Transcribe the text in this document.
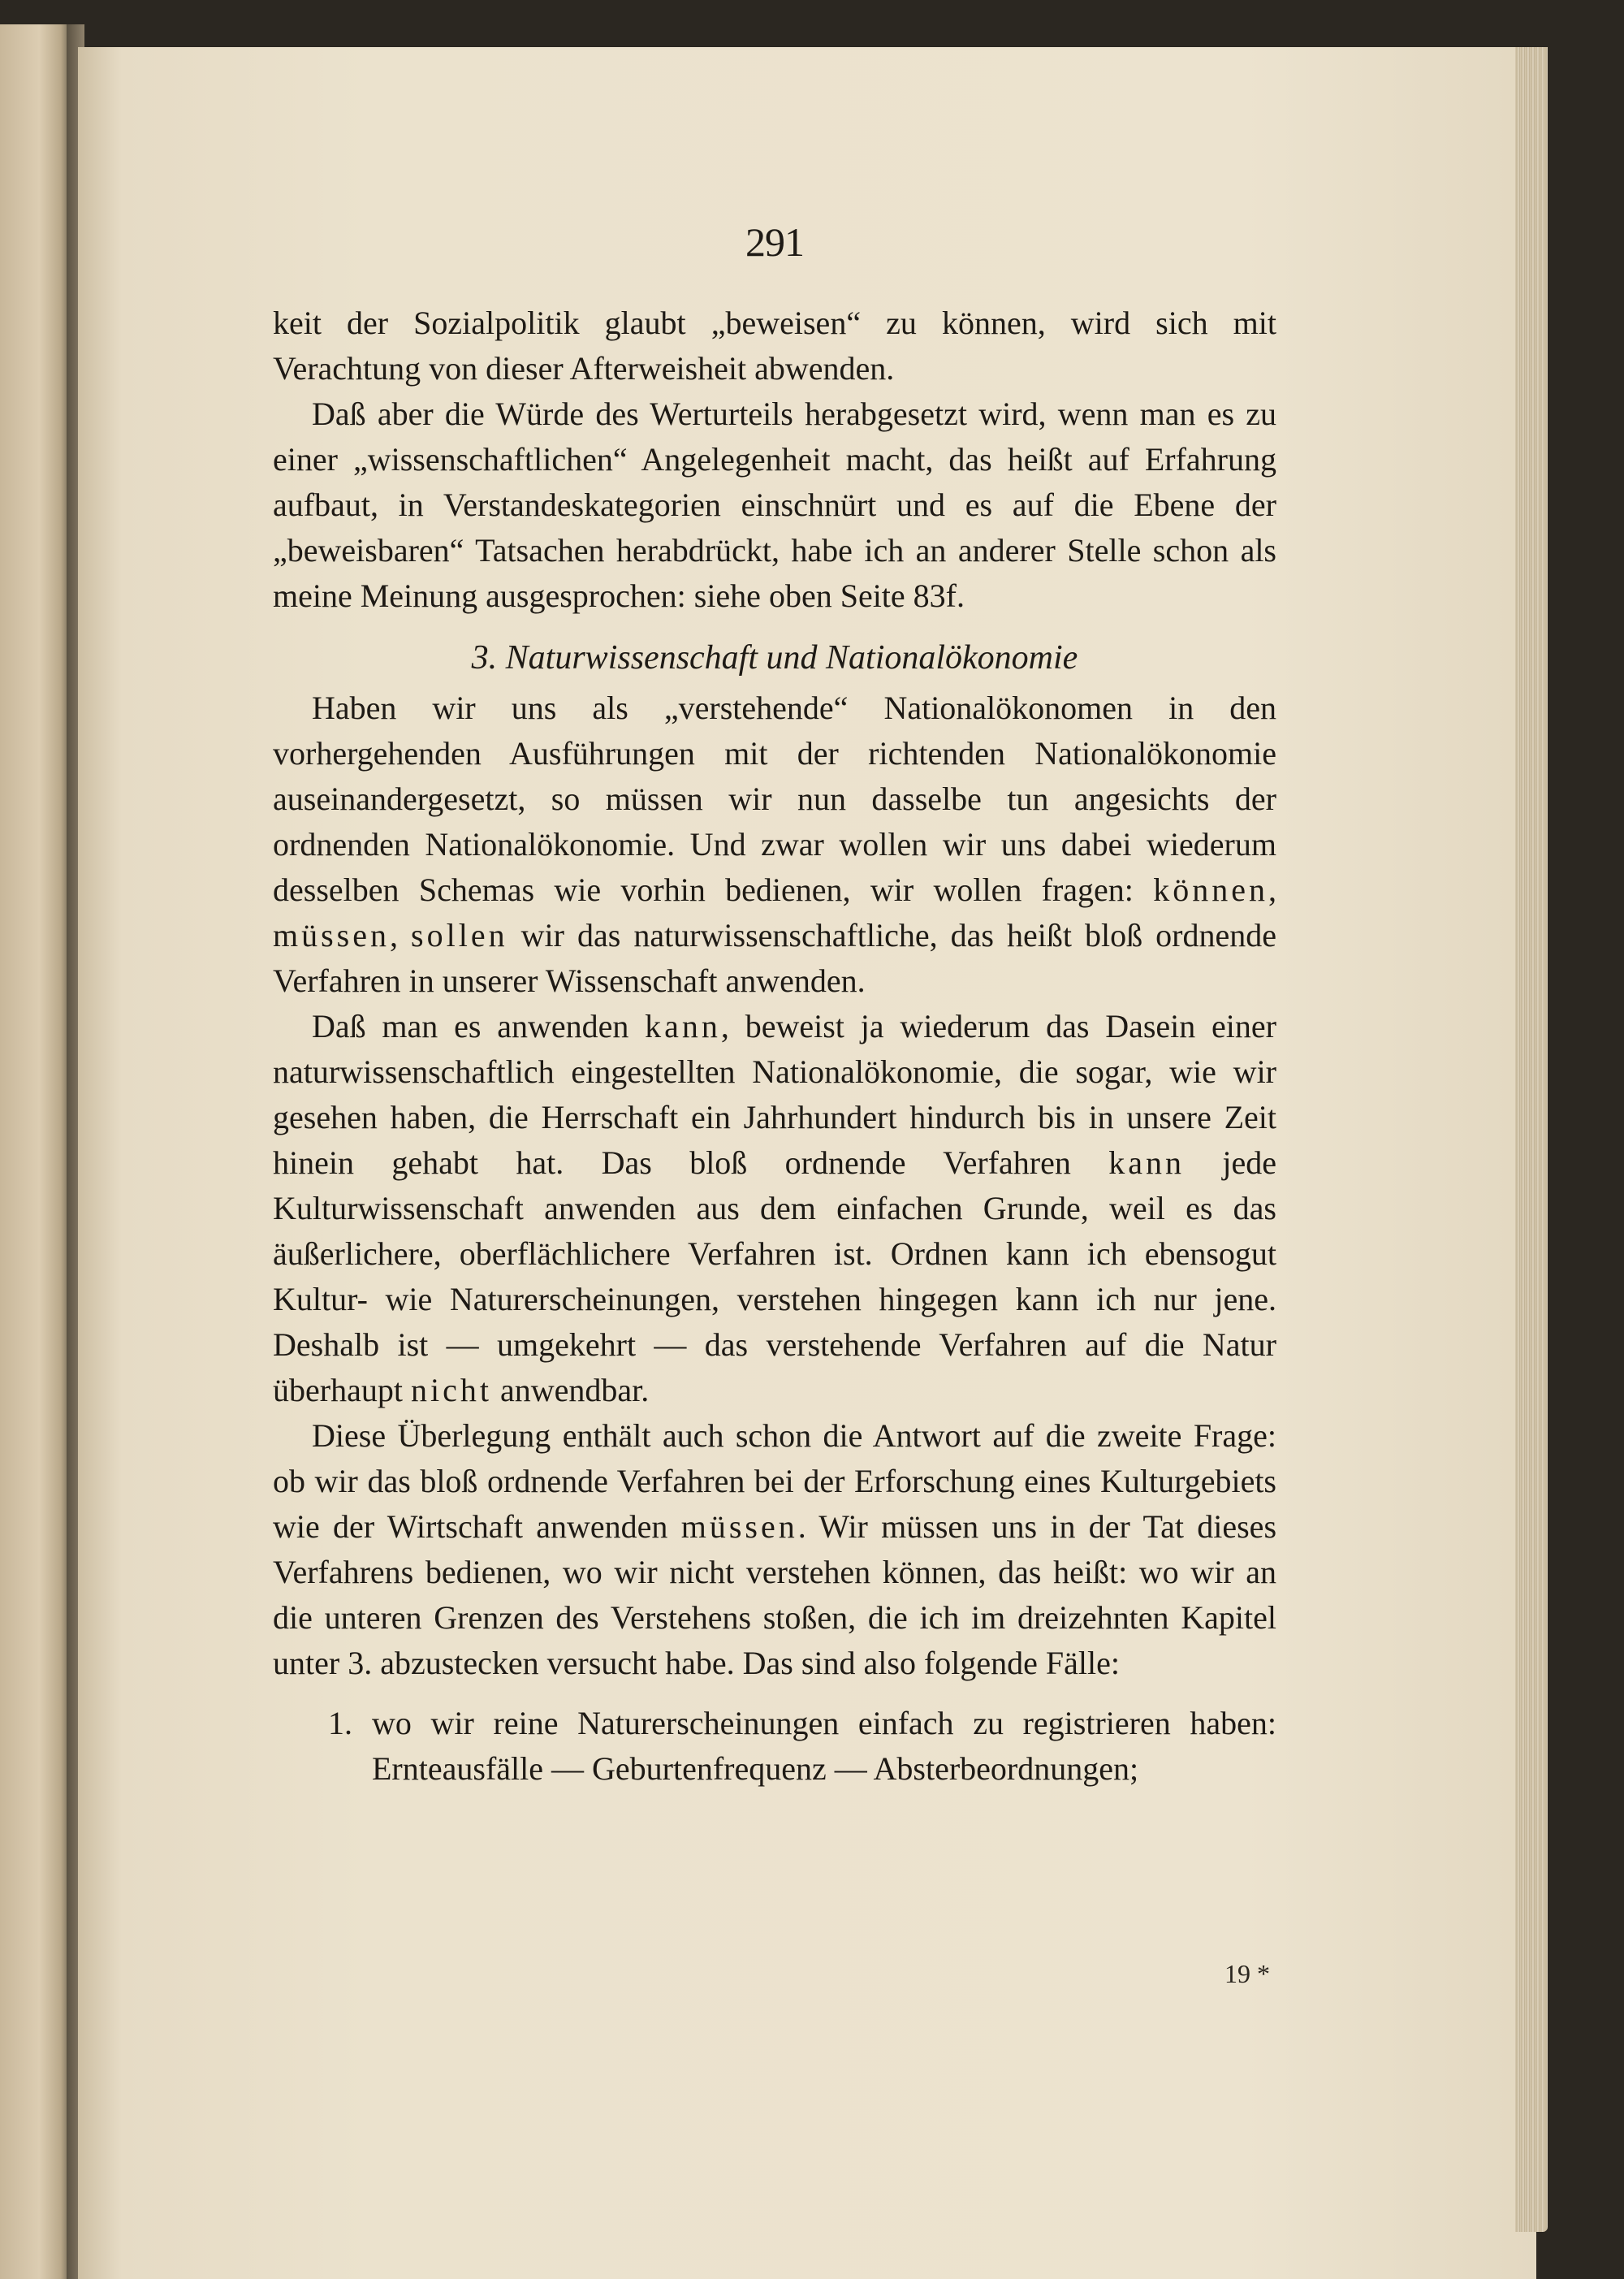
291

keit der Sozialpolitik glaubt „beweisen“ zu können, wird sich mit Verachtung von dieser Afterweisheit abwenden.

Daß aber die Würde des Werturteils herabgesetzt wird, wenn man es zu einer „wissenschaftlichen“ Angelegenheit macht, das heißt auf Erfahrung aufbaut, in Verstandeskategorien einschnürt und es auf die Ebene der „beweisbaren“ Tatsachen herabdrückt, habe ich an anderer Stelle schon als meine Meinung ausgesprochen: siehe oben Seite 83f.

3. Naturwissenschaft und Nationalökonomie

Haben wir uns als „verstehende“ Nationalökonomen in den vorhergehenden Ausführungen mit der richtenden Nationalökonomie auseinandergesetzt, so müssen wir nun dasselbe tun angesichts der ordnenden Nationalökonomie. Und zwar wollen wir uns dabei wiederum desselben Schemas wie vorhin bedienen, wir wollen fragen: können, müssen, sollen wir das naturwissenschaftliche, das heißt bloß ordnende Verfahren in unserer Wissenschaft anwenden.

Daß man es anwenden kann, beweist ja wiederum das Dasein einer naturwissenschaftlich eingestellten Nationalökonomie, die sogar, wie wir gesehen haben, die Herrschaft ein Jahrhundert hindurch bis in unsere Zeit hinein gehabt hat. Das bloß ordnende Verfahren kann jede Kulturwissenschaft anwenden aus dem einfachen Grunde, weil es das äußerlichere, oberflächlichere Verfahren ist. Ordnen kann ich ebensogut Kultur- wie Naturerscheinungen, verstehen hingegen kann ich nur jene. Deshalb ist — umgekehrt — das verstehende Verfahren auf die Natur überhaupt nicht anwendbar.

Diese Überlegung enthält auch schon die Antwort auf die zweite Frage: ob wir das bloß ordnende Verfahren bei der Erforschung eines Kulturgebiets wie der Wirtschaft anwenden müssen. Wir müssen uns in der Tat dieses Verfahrens bedienen, wo wir nicht verstehen können, das heißt: wo wir an die unteren Grenzen des Verstehens stoßen, die ich im dreizehnten Kapitel unter 3. abzustecken versucht habe. Das sind also folgende Fälle:

1. wo wir reine Naturerscheinungen einfach zu registrieren haben: Ernteausfälle — Geburtenfrequenz — Absterbeordnungen;

19 *
